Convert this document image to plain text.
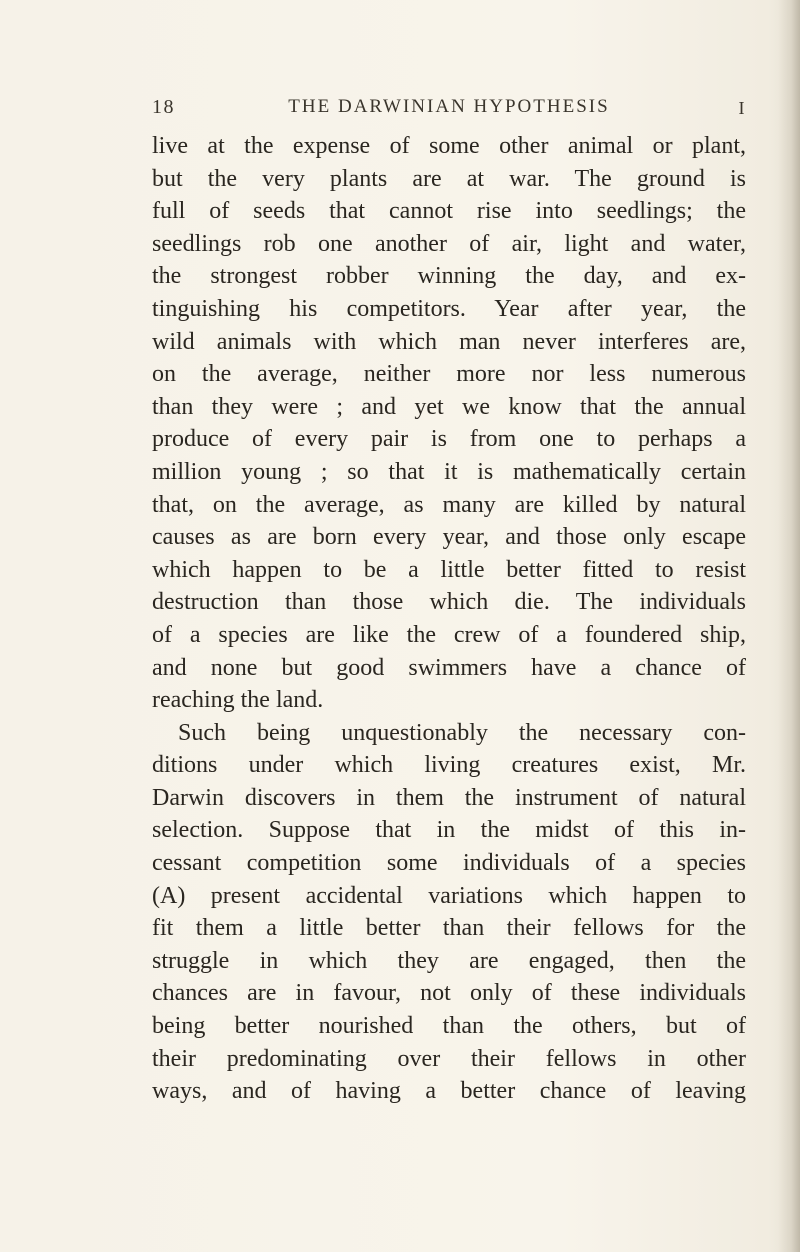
18	THE DARWINIAN HYPOTHESIS	I
live at the expense of some other animal or plant,
but the very plants are at war. The ground is
full of seeds that cannot rise into seedlings; the
seedlings rob one another of air, light and water,
the strongest robber winning the day, and ex-
tinguishing his competitors. Year after year, the
wild animals with which man never interferes are,
on the average, neither more nor less numerous
than they were ; and yet we know that the annual
produce of every pair is from one to perhaps a
million young ; so that it is mathematically certain
that, on the average, as many are killed by natural
causes as are born every year, and those only escape
which happen to be a little better fitted to resist
destruction than those which die. The individuals
of a species are like the crew of a foundered ship,
and none but good swimmers have a chance of
reaching the land.
Such being unquestionably the necessary con-
ditions under which living creatures exist, Mr.
Darwin discovers in them the instrument of natural
selection. Suppose that in the midst of this in-
cessant competition some individuals of a species
(A) present accidental variations which happen to
fit them a little better than their fellows for the
struggle in which they are engaged, then the
chances are in favour, not only of these individuals
being better nourished than the others, but of
their predominating over their fellows in other
ways, and of having a better chance of leaving
